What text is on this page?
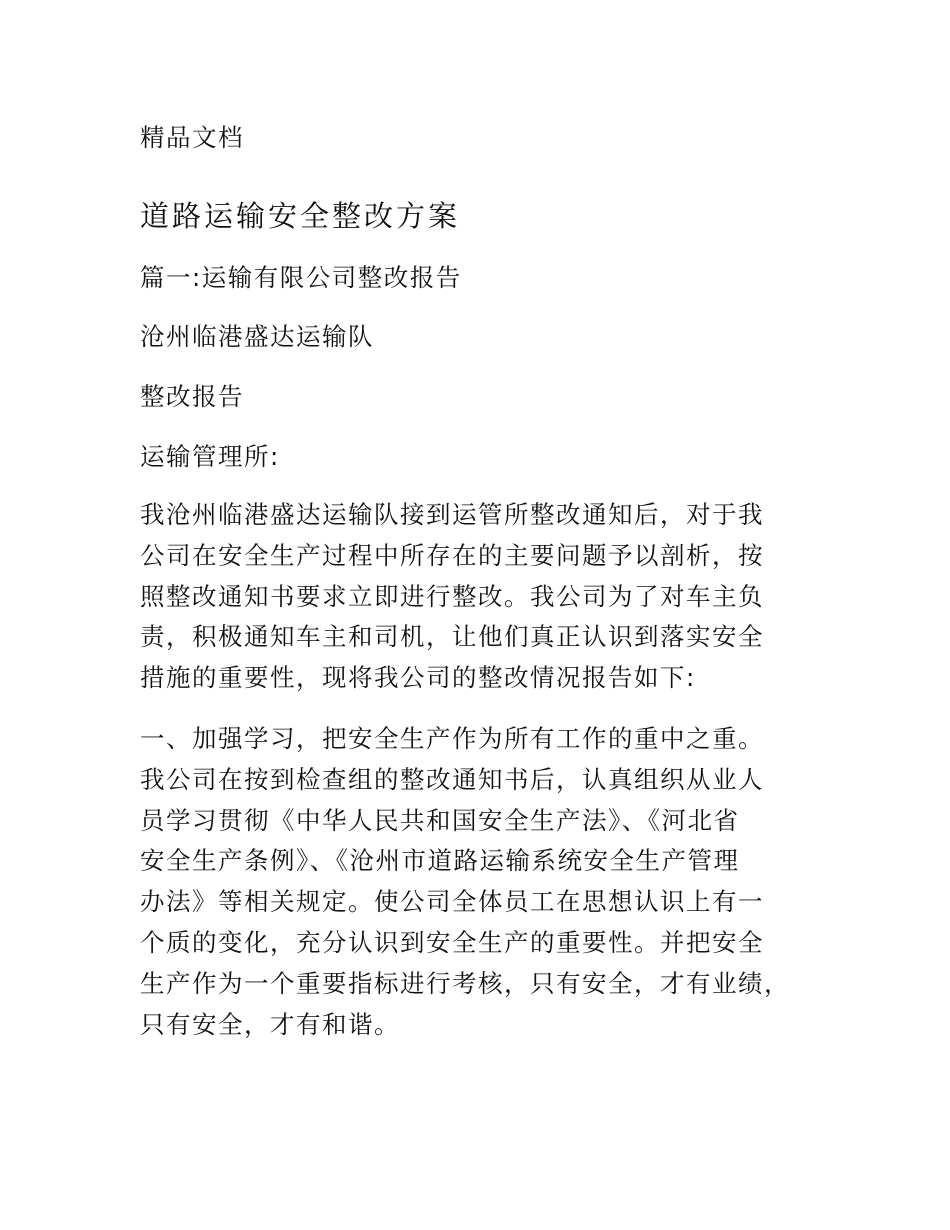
精品文档

道路运输安全整改方案

篇一:运输有限公司整改报告

沧州临港盛达运输队

整改报告

运输管理所:

我沧州临港盛达运输队接到运管所整改通知后，对于我
公司在安全生产过程中所存在的主要问题予以剖析，按
照整改通知书要求立即进行整改。我公司为了对车主负
责，积极通知车主和司机，让他们真正认识到落实安全
措施的重要性，现将我公司的整改情况报告如下:
一、加强学习，把安全生产作为所有工作的重中之重。
我公司在按到检查组的整改通知书后，认真组织从业人
员学习贯彻《中华人民共和国安全生产法》、《河北省
安全生产条例》、《沧州市道路运输系统安全生产管理
办法》等相关规定。使公司全体员工在思想认识上有一
个质的变化，充分认识到安全生产的重要性。并把安全
生产作为一个重要指标进行考核，只有安全，才有业绩，
只有安全，才有和谐。
